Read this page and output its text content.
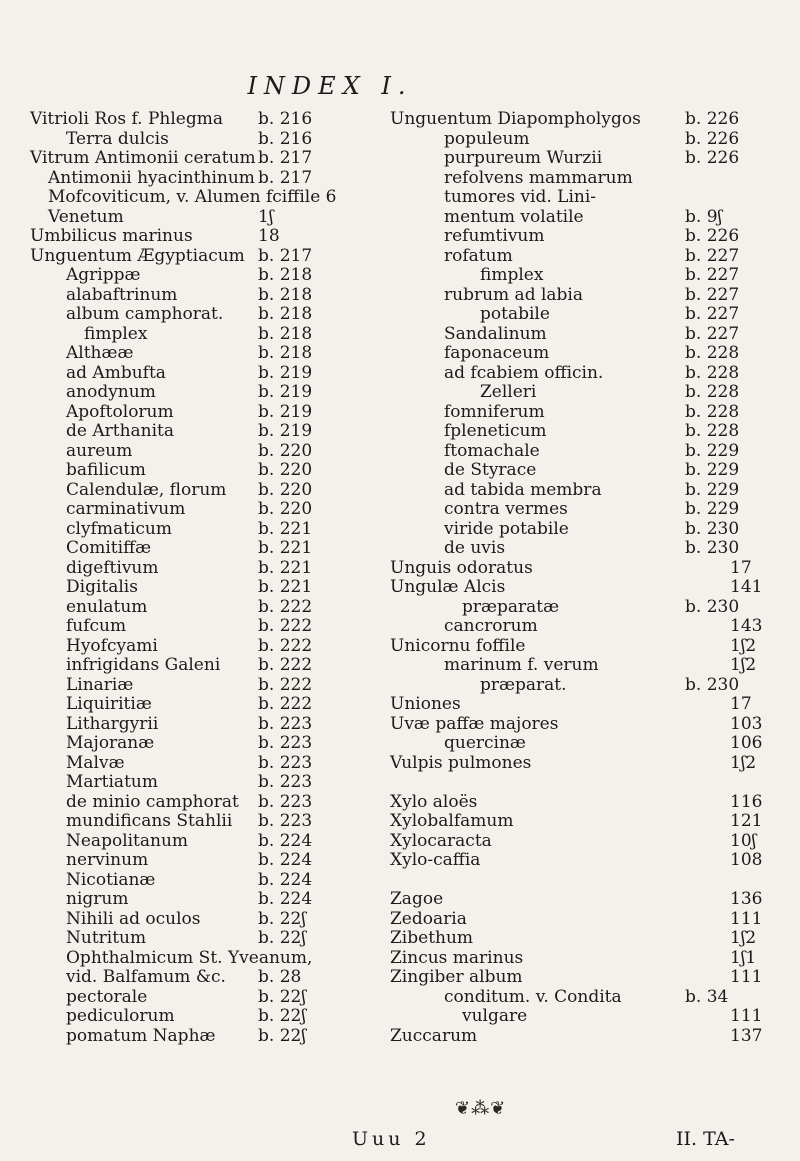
INDEX I.
Vitrioli Ros f. Phlegma b. 216
Terra dulcis	b. 216
Vitrum Antimonii ceratum b. 217
Antimonii hyacinthinum b. 217
Mofcoviticum, v. Alumen fciffile 6
Venetum	1ʃ
Umbilicus marinus	18
Unguentum Ægyptiacum b. 217
Agrippæ	b. 218
alabaftrinum	b. 218
album camphorat. b. 218
fimplex	b. 218
Althææ	b. 218
ad Ambufta	b. 219
anodynum	b. 219
Apoftolorum	b. 219
de Arthanita	b. 219
aureum	b. 220
bafilicum	b. 220
Calendulæ, florum b. 220
carminativum	b. 220
clyfmaticum	b. 221
Comitiffæ	b. 221
digeftivum	b. 221
Digitalis	b. 221
enulatum	b. 222
fufcum	b. 222
Hyofcyami	b. 222
infrigidans Galeni b. 222
Linariæ	b. 222
Liquiritiæ	b. 222
Lithargyrii	b. 223
Majoranæ	b. 223
Malvæ	b. 223
Martiatum	b. 223
de minio camphorat b. 223
mundificans Stahlii b. 223
Neapolitanum	b. 224
nervinum	b. 224
Nicotianæ	b. 224
nigrum	b. 224
Nihili ad oculos	b. 22ʃ
Nutritum	b. 22ʃ
Ophthalmicum St. Yveanum,
vid. Balfamum &c. b. 28
pectorale	b. 22ʃ
pediculorum	b. 22ʃ
pomatum Naphæ	b. 22ʃ
Unguentum Diapompholygos	b. 226
populeum	b. 226
purpureum Wurzii	b. 226
refolvens mammarum
tumores vid. Lini-
mentum volatile	b. 9ʃ
refumtivum	b. 226
rofatum	b. 227
fimplex	b. 227
rubrum ad labia	b. 227
potabile	b. 227
Sandalinum	b. 227
faponaceum	b. 228
ad fcabiem officin.	b. 228
Zelleri	b. 228
fomniferum	b. 228
fpleneticum	b. 228
ftomachale	b. 229
de Styrace	b. 229
ad tabida membra	b. 229
contra vermes	b. 229
viride potabile	b. 230
de uvis	b. 230
Unguis odoratus	17
Ungulæ Alcis	141
præparatæ	b. 230
cancrorum	143
Unicornu foffile	1ʃ2
marinum f. verum	1ʃ2
præparat.	b. 230
Uniones	17
Uvæ paffæ majores	103
quercinæ	106
Vulpis pulmones	1ʃ2
Xylo aloës	116
Xylobalfamum	121
Xylocaracta	10ʃ
Xylo-caffia	108
Zagoe	136
Zedoaria	111
Zibethum	1ʃ2
Zincus marinus	1ʃ1
Zingiber album	111
conditum. v. Condita	b. 34
vulgare	111
Zuccarum	137
❦⁂❦
Uuu 2	II. TA-
